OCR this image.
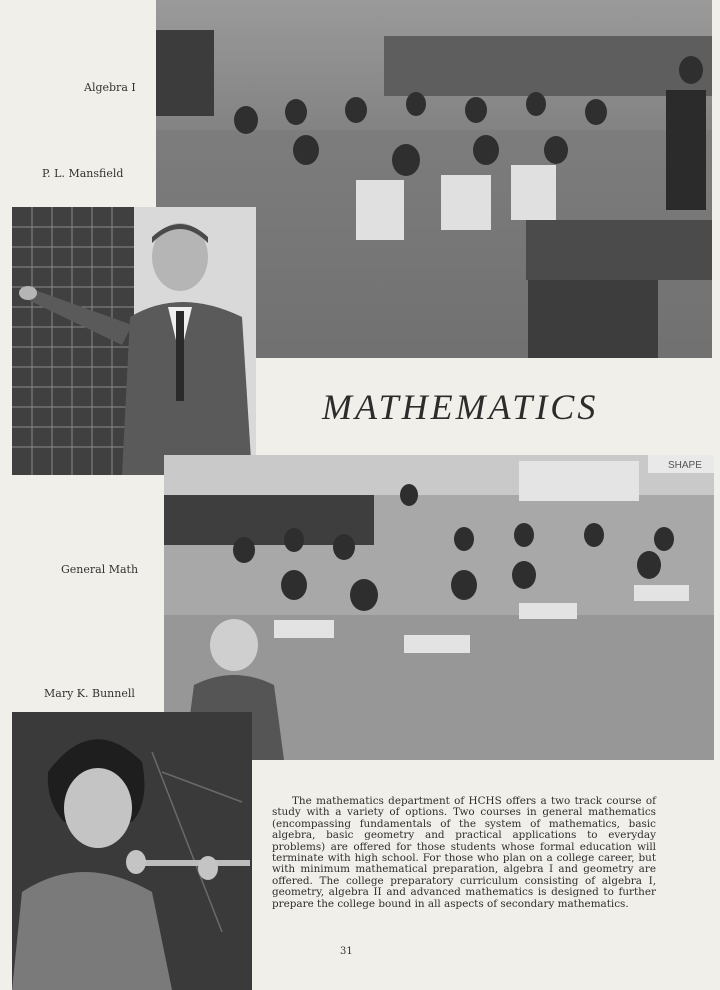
Algebra I
P. L. Mansfield
General Math
Mary K. Bunnell
MATHEMATICS
SHAPE
The mathematics department of HCHS offers a two track course of study with a variety of options. Two courses in general mathematics (encompassing fundamentals of the system of mathematics, basic algebra, basic geometry and practical applications to everyday problems) are offered for those students whose formal education will terminate with high school. For those who plan on a college career, but with minimum mathematical preparation, algebra I and geometry are offered. The college preparatory curriculum consisting of algebra I, geometry, algebra II and advanced mathematics is designed to further prepare the college bound in all aspects of secondary mathematics.
31
